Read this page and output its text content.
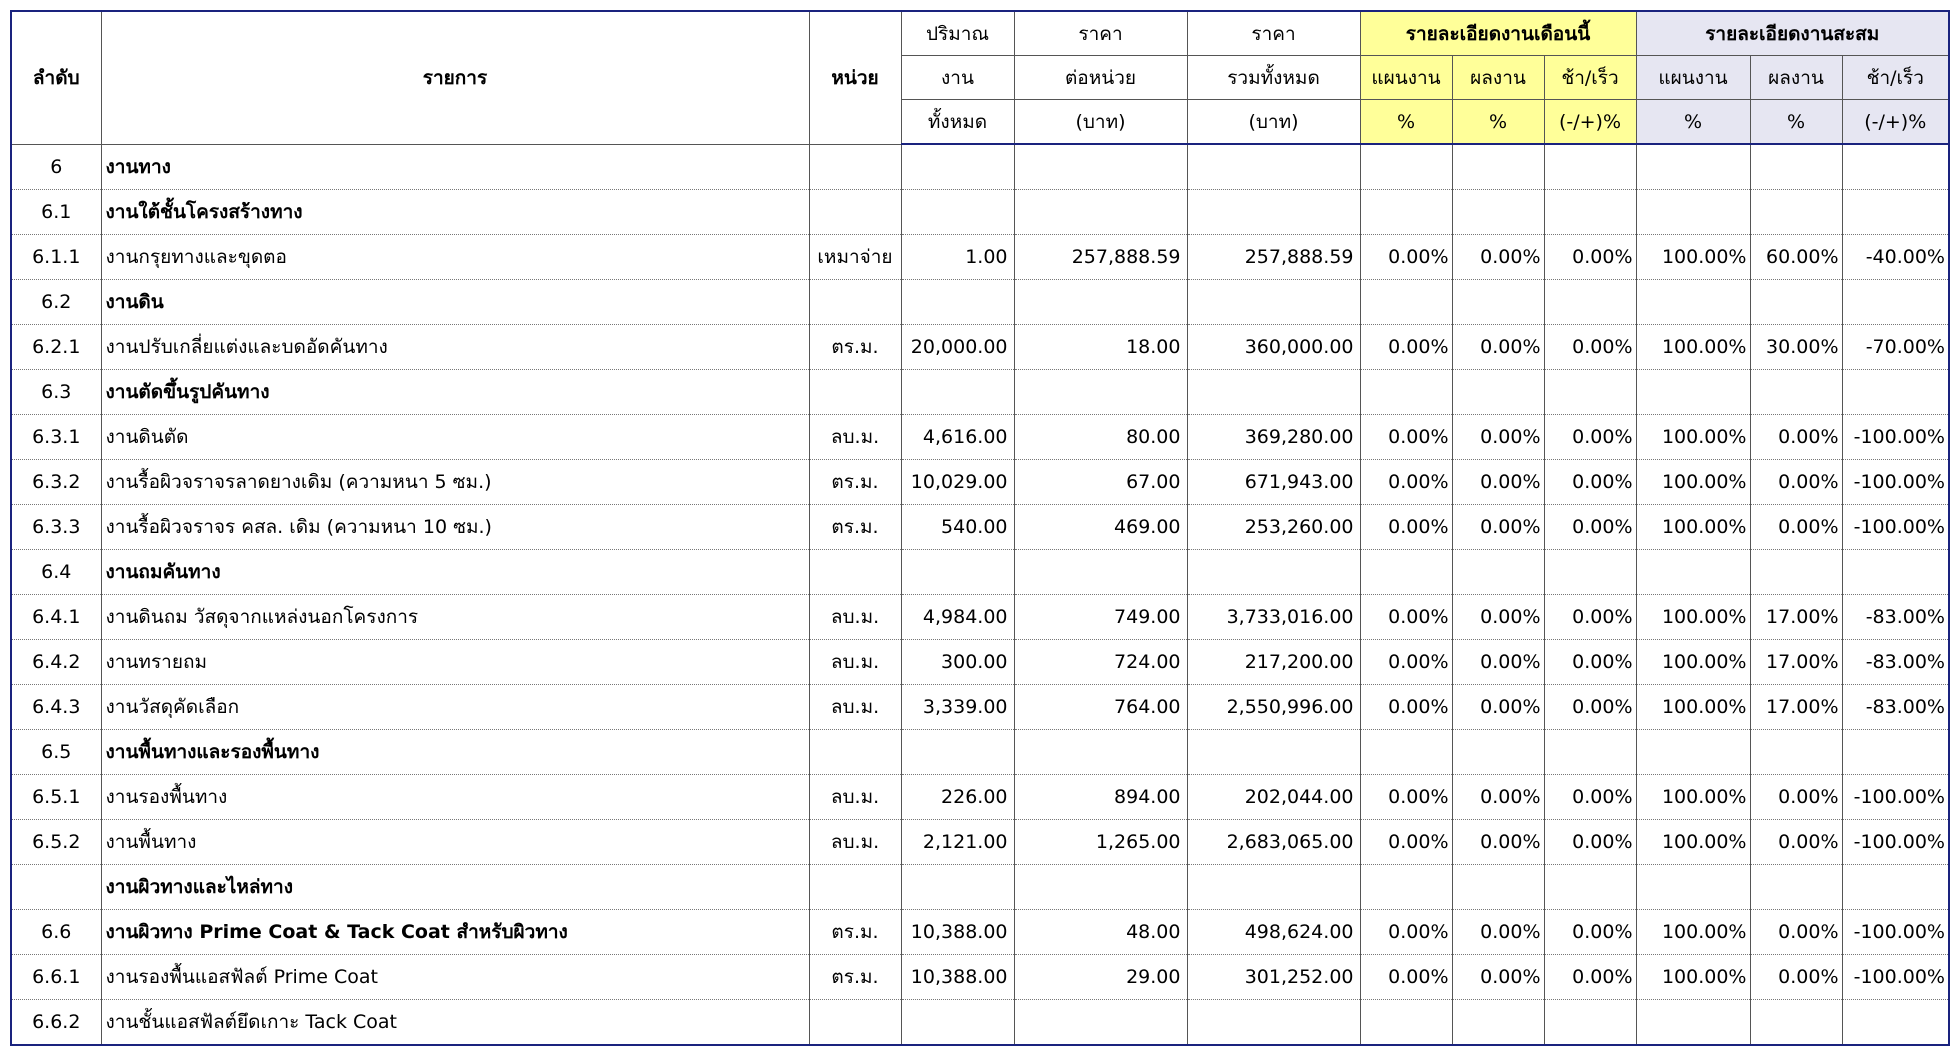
ลำดับ	รายการ	หน่วย	ปริมาณ	ราคา	ราคา	รายละเอียดงานเดือนนี้			รายละเอียดงานสะสม		
			งาน	ต่อหน่วย	รวมทั้งหมด	แผนงาน	ผลงาน	ช้า/เร็ว	แผนงาน	ผลงาน	ช้า/เร็ว
			ทั้งหมด	(บาท)	(บาท)	%	%	(-/+)%	%	%	(-/+)%
6	งานทาง										
6.1	งานใต้ชั้นโครงสร้างทาง										
6.1.1	งานกรุยทางและขุดตอ	เหมาจ่าย	1.00	257,888.59	257,888.59	0.00%	0.00%	0.00%	100.00%	60.00%	-40.00%
6.2	งานดิน										
6.2.1	งานปรับเกลี่ยแต่งและบดอัดคันทาง	ตร.ม.	20,000.00	18.00	360,000.00	0.00%	0.00%	0.00%	100.00%	30.00%	-70.00%
6.3	งานตัดขึ้นรูปคันทาง										
6.3.1	งานดินตัด	ลบ.ม.	4,616.00	80.00	369,280.00	0.00%	0.00%	0.00%	100.00%	0.00%	-100.00%
6.3.2	งานรื้อผิวจราจรลาดยางเดิม (ความหนา 5 ซม.)	ตร.ม.	10,029.00	67.00	671,943.00	0.00%	0.00%	0.00%	100.00%	0.00%	-100.00%
6.3.3	งานรื้อผิวจราจร คสล. เดิม (ความหนา 10 ซม.)	ตร.ม.	540.00	469.00	253,260.00	0.00%	0.00%	0.00%	100.00%	0.00%	-100.00%
6.4	งานถมคันทาง										
6.4.1	งานดินถม วัสดุจากแหล่งนอกโครงการ	ลบ.ม.	4,984.00	749.00	3,733,016.00	0.00%	0.00%	0.00%	100.00%	17.00%	-83.00%
6.4.2	งานทรายถม	ลบ.ม.	300.00	724.00	217,200.00	0.00%	0.00%	0.00%	100.00%	17.00%	-83.00%
6.4.3	งานวัสดุคัดเลือก	ลบ.ม.	3,339.00	764.00	2,550,996.00	0.00%	0.00%	0.00%	100.00%	17.00%	-83.00%
6.5	งานพื้นทางและรองพื้นทาง										
6.5.1	งานรองพื้นทาง	ลบ.ม.	226.00	894.00	202,044.00	0.00%	0.00%	0.00%	100.00%	0.00%	-100.00%
6.5.2	งานพื้นทาง	ลบ.ม.	2,121.00	1,265.00	2,683,065.00	0.00%	0.00%	0.00%	100.00%	0.00%	-100.00%
	งานผิวทางและไหล่ทาง										
6.6	งานผิวทาง Prime Coat & Tack Coat สำหรับผิวทาง	ตร.ม.	10,388.00	48.00	498,624.00	0.00%	0.00%	0.00%	100.00%	0.00%	-100.00%
6.6.1	งานรองพื้นแอสฟัลต์ Prime Coat	ตร.ม.	10,388.00	29.00	301,252.00	0.00%	0.00%	0.00%	100.00%	0.00%	-100.00%
6.6.2	งานชั้นแอสฟัลต์ยึดเกาะ Tack Coat										
